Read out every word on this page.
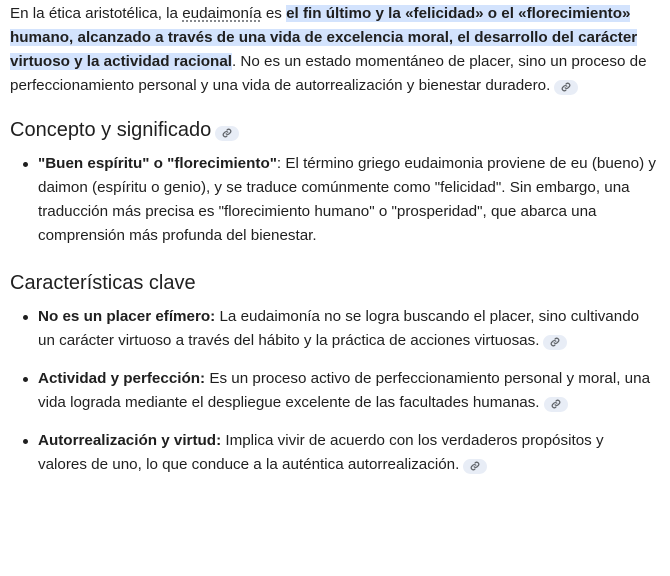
En la ética aristotélica, la eudaimonía es el fin último y la «felicidad» o el «florecimiento» humano, alcanzado a través de una vida de excelencia moral, el desarrollo del carácter virtuoso y la actividad racional. No es un estado momentáneo de placer, sino un proceso de perfeccionamiento personal y una vida de autorrealización y bienestar duradero.

Concepto y significado
"Buen espíritu" o "florecimiento": El término griego eudaimonia proviene de eu (bueno) y daimon (espíritu o genio), y se traduce comúnmente como "felicidad". Sin embargo, una traducción más precisa es "florecimiento humano" o "prosperidad", que abarca una comprensión más profunda del bienestar.
Características clave
No es un placer efímero: La eudaimonía no se logra buscando el placer, sino cultivando un carácter virtuoso a través del hábito y la práctica de acciones virtuosas.
Actividad y perfección: Es un proceso activo de perfeccionamiento personal y moral, una vida lograda mediante el despliegue excelente de las facultades humanas.
Autorrealización y virtud: Implica vivir de acuerdo con los verdaderos propósitos y valores de uno, lo que conduce a la auténtica autorrealización.
